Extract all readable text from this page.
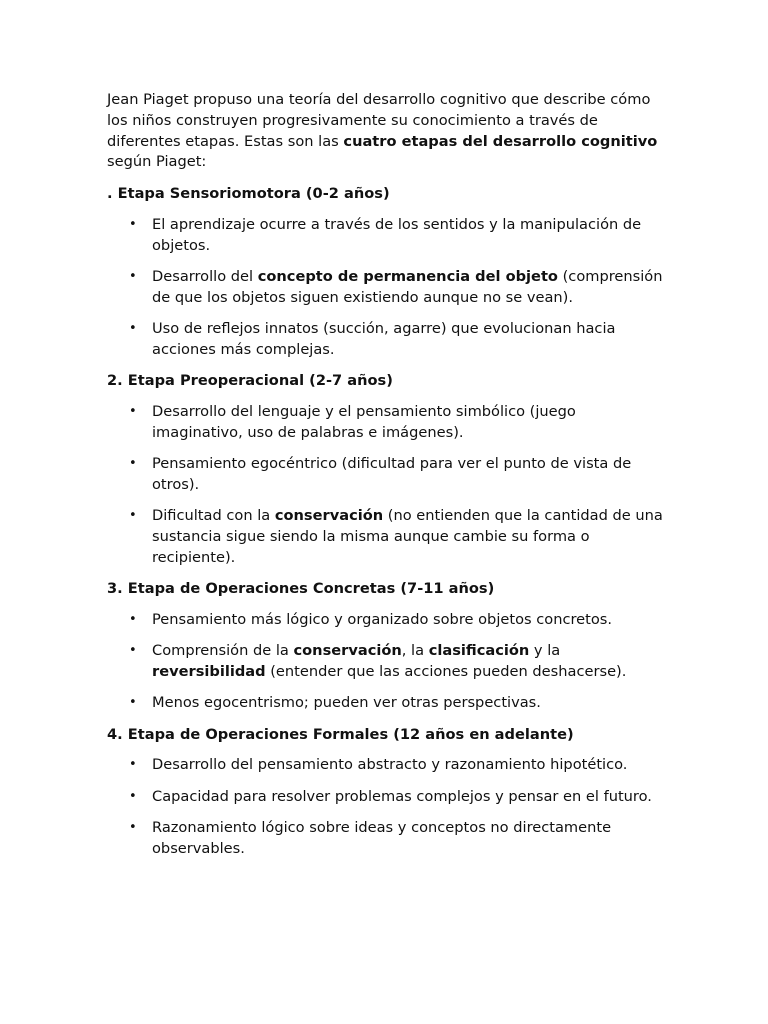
Jean Piaget propuso una teoría del desarrollo cognitivo que describe cómo los niños construyen progresivamente su conocimiento a través de diferentes etapas. Estas son las cuatro etapas del desarrollo cognitivo según Piaget:

. Etapa Sensoriomotora (0-2 años)
• El aprendizaje ocurre a través de los sentidos y la manipulación de objetos.
• Desarrollo del concepto de permanencia del objeto (comprensión de que los objetos siguen existiendo aunque no se vean).
• Uso de reflejos innatos (succión, agarre) que evolucionan hacia acciones más complejas.
2. Etapa Preoperacional (2-7 años)
• Desarrollo del lenguaje y el pensamiento simbólico (juego imaginativo, uso de palabras e imágenes).
• Pensamiento egocéntrico (dificultad para ver el punto de vista de otros).
• Dificultad con la conservación (no entienden que la cantidad de una sustancia sigue siendo la misma aunque cambie su forma o recipiente).
3. Etapa de Operaciones Concretas (7-11 años)
• Pensamiento más lógico y organizado sobre objetos concretos.
• Comprensión de la conservación, la clasificación y la reversibilidad (entender que las acciones pueden deshacerse).
• Menos egocentrismo; pueden ver otras perspectivas.
4. Etapa de Operaciones Formales (12 años en adelante)
• Desarrollo del pensamiento abstracto y razonamiento hipotético.
• Capacidad para resolver problemas complejos y pensar en el futuro.
• Razonamiento lógico sobre ideas y conceptos no directamente observables.
